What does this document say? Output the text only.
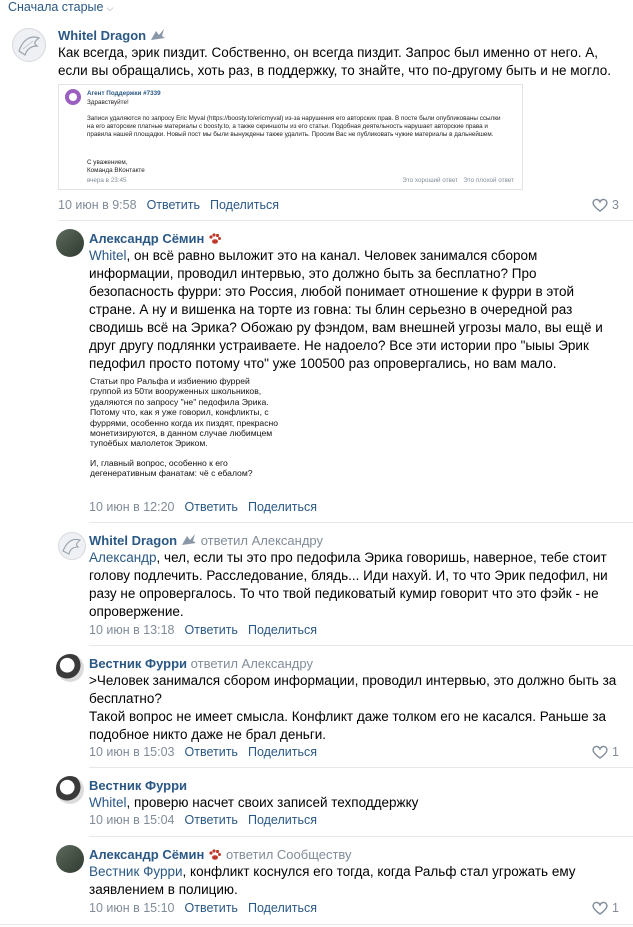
Сначала старые ⌵
Whitel Dragon
Как всегда, эрик пиздит. Собственно, он всегда пиздит. Запрос был именно от него. А, если вы обращались, хоть раз, в поддержку, то знайте, что по-другому быть и не могло.
Агент Поддержки #7339
Здравствуйте!
Записи удаляются по запросу Eric Myval (https://boosty.to/ericmyval) из-за нарушения его авторских прав. В посте были опубликованы ссылки на его авторские платные материалы с boosty.to, а также скриншоты из его статьи. Подобная деятельность нарушает авторские права и правила нашей площадки. Новый пост мы были вынуждены также удалить. Просим Вас не публиковать чужие материалы в дальнейшем.
С уважением,
Команда ВКонтакте
вчера в 23:45	Это хороший ответ Это плохой ответ
10 июн в 9:58 Ответить Поделиться	3
Александр Сёмин
Whitel, он всё равно выложит это на канал. Человек занимался сбором информации, проводил интервью, это должно быть за бесплатно? Про безопасность фурри: это Россия, любой понимает отношение к фурри в этой стране. А ну и вишенка на торте из говна: ты блин серьезно в очередной раз сводишь всё на Эрика? Обожаю ру фэндом, вам внешней угрозы мало, вы ещё и друг другу подлянки устраиваете. Не надоело? Все эти истории про "ыыы Эрик педофил просто потому что" уже 100500 раз опровергались, но вам мало.
Статьи про Ральфа и избиению фуррей группой из 50ти вооруженных школьников, удаляются по запросу "не" педофила Эрика. Потому что, как я уже говорил, конфликты, с фуррями, особенно когда их пиздят, прекрасно монетизируются, в данном случае любимцем тупоёбых малолеток Эриком.
И, главный вопрос, особенно к его дегенеративным фанатам: чё с ебалом?
10 июн в 12:20 Ответить Поделиться
Whitel Dragon ответил Александру
Александр, чел, если ты это про педофила Эрика говоришь, наверное, тебе стоит голову подлечить. Расследование, блядь... Иди нахуй. И, то что Эрик педофил, ни разу не опровергалось. То что твой педиковатый кумир говорит что это фэйк - не опровержение.
10 июн в 13:18 Ответить Поделиться
Вестник Фурри ответил Александру
>Человек занимался сбором информации, проводил интервью, это должно быть за бесплатно?
Такой вопрос не имеет смысла. Конфликт даже толком его не касался. Раньше за подобное никто даже не брал деньги.
10 июн в 15:03 Ответить Поделиться	1
Вестник Фурри
Whitel, проверю насчет своих записей техподдержку
10 июн в 15:04 Ответить Поделиться
Александр Сёмин ответил Сообществу
Вестник Фурри, конфликт коснулся его тогда, когда Ральф стал угрожать ему заявлением в полицию.
10 июн в 15:10 Ответить Поделиться	1
